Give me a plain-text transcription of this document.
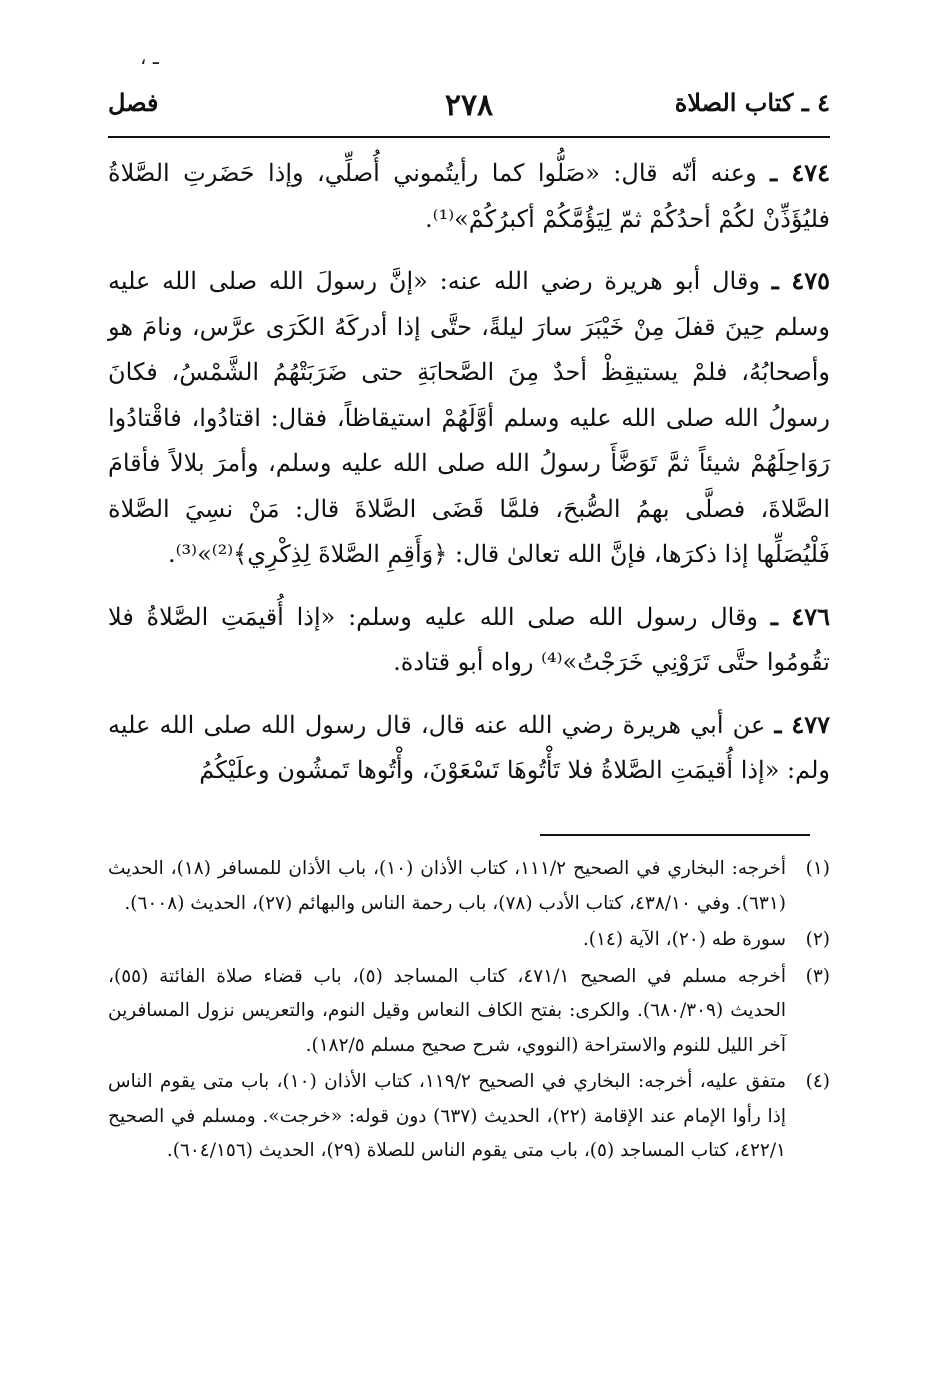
ـ ،
٤ ـ كتاب الصلاة
٢٧٨
فصل

٤٧٤ ـ وعنه أنّه قال: «صَلُّوا كما رأيتُموني أُصلِّي، وإذا حَضَرتِ الصَّلاةُ فليُؤَذِّنْ لكُمْ أحدُكُمْ ثمّ لِيَؤُمَّكُمْ أكبرُكُمْ»⁽¹⁾.

٤٧٥ ـ وقال أبو هريرة رضي الله عنه: «إنَّ رسولَ الله صلى الله عليه وسلم حِينَ قفلَ مِنْ خَيْبَرَ سارَ ليلةً، حتَّى إذا أدركَهُ الكَرَى عرَّس، ونامَ هو وأصحابُهُ، فلمْ يستيقِظْ أحدٌ مِنَ الصَّحابَةِ حتى ضَرَبَتْهُمُ الشَّمْسُ، فكانَ رسولُ الله صلى الله عليه وسلم أوَّلَهُمْ استيقاظاً، فقال: اقتادُوا، فاقْتادُوا رَوَاحِلَهُمْ شيئاً ثمَّ تَوَضَّأَ رسولُ الله صلى الله عليه وسلم، وأمرَ بلالاً فأقامَ الصَّلاةَ، فصلَّى بهمُ الصُّبحَ، فلمَّا قَضَى الصَّلاةَ قال: مَنْ نسِيَ الصَّلاة فَلْيُصَلِّها إذا ذكرَها، فإنَّ الله تعالىٰ قال: ﴿وَأَقِمِ الصَّلاةَ لِذِكْرِي﴾⁽²⁾»⁽³⁾.

٤٧٦ ـ وقال رسول الله صلى الله عليه وسلم: «إذا أُقيمَتِ الصَّلاةُ فلا تقُومُوا حتَّى تَرَوْنِي خَرَجْتُ»⁽⁴⁾ رواه أبو قتادة.

٤٧٧ ـ عن أبي هريرة رضي الله عنه قال، قال رسول الله صلى الله عليه ولم: «إذا أُقيمَتِ الصَّلاةُ فلا تَأْتُوهَا تَسْعَوْنَ، وأْتُوها تَمشُون وعلَيْكُمُ

(١)
أخرجه: البخاري في الصحيح ١١١/٢، كتاب الأذان (١٠)، باب الأذان للمسافر (١٨)، الحديث (٦٣١). وفي ٤٣٨/١٠، كتاب الأدب (٧٨)، باب رحمة الناس والبهائم (٢٧)، الحديث (٦٠٠٨).
(٢)
سورة طه (٢٠)، الآية (١٤).
(٣)
أخرجه مسلم في الصحيح ٤٧١/١، كتاب المساجد (٥)، باب قضاء صلاة الفائتة (٥٥)، الحديث (٦٨٠/٣٠٩). والكرى: بفتح الكاف النعاس وقيل النوم، والتعريس نزول المسافرين آخر الليل للنوم والاستراحة (النووي، شرح صحيح مسلم ١٨٢/٥).
(٤)
متفق عليه، أخرجه: البخاري في الصحيح ١١٩/٢، كتاب الأذان (١٠)، باب متى يقوم الناس إذا رأوا الإمام عند الإقامة (٢٢)، الحديث (٦٣٧) دون قوله: «خرجت». ومسلم في الصحيح ٤٢٢/١، كتاب المساجد (٥)، باب متى يقوم الناس للصلاة (٢٩)، الحديث (٦٠٤/١٥٦).
